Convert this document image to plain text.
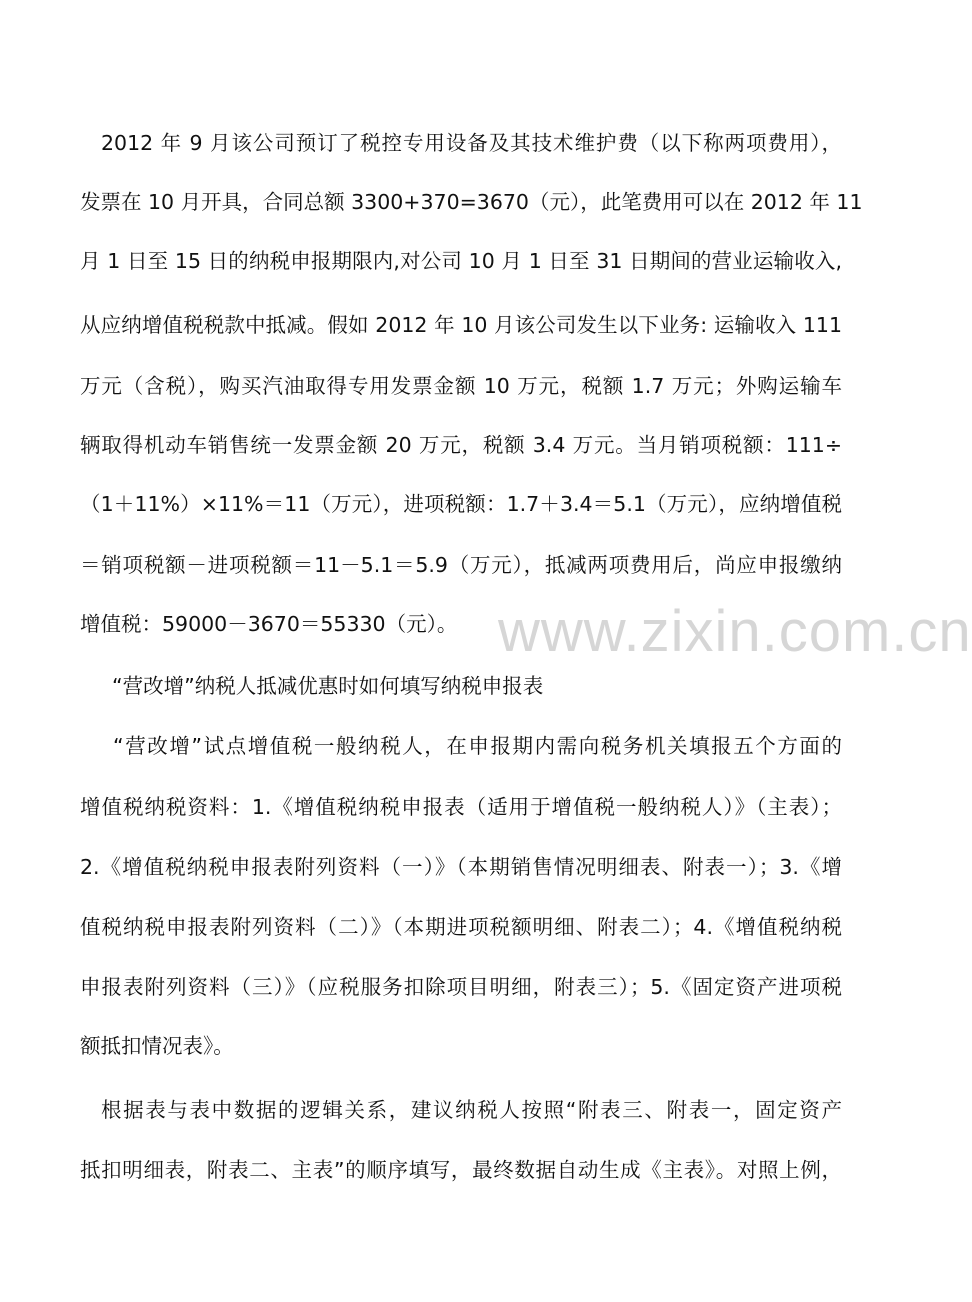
2012 年 9 月该公司预订了税控专用设备及其技术维护费（以下称两项费用），
发票在 10 月开具，合同总额 3300+370=3670（元），此笔费用可以在 2012 年 11
月 1 日至 15 日的纳税申报期限内,对公司 10 月 1 日至 31 日期间的营业运输收入,
从应纳增值税税款中抵减。假如 2012 年 10 月该公司发生以下业务: 运输收入 111
万元（含税），购买汽油取得专用发票金额 10 万元，税额 1.7 万元；外购运输车
辆取得机动车销售统一发票金额 20 万元，税额 3.4 万元。当月销项税额：111÷
（1＋11%）×11%＝11（万元），进项税额：1.7＋3.4＝5.1（万元），应纳增值税
＝销项税额－进项税额＝11－5.1＝5.9（万元），抵减两项费用后，尚应申报缴纳
增值税：59000－3670＝55330（元）。
“营改增”纳税人抵减优惠时如何填写纳税申报表
“营改增”试点增值税一般纳税人，在申报期内需向税务机关填报五个方面的
增值税纳税资料：1.《增值税纳税申报表（适用于增值税一般纳税人）》（主表）；
2.《增值税纳税申报表附列资料（一）》（本期销售情况明细表、附表一）；3.《增
值税纳税申报表附列资料（二）》（本期进项税额明细、附表二）；4.《增值税纳税
申报表附列资料（三）》（应税服务扣除项目明细，附表三）；5.《固定资产进项税
额抵扣情况表》。
根据表与表中数据的逻辑关系，建议纳税人按照“附表三、附表一，固定资产
抵扣明细表，附表二、主表”的顺序填写，最终数据自动生成《主表》。对照上例，
www.zixin.com.cn
